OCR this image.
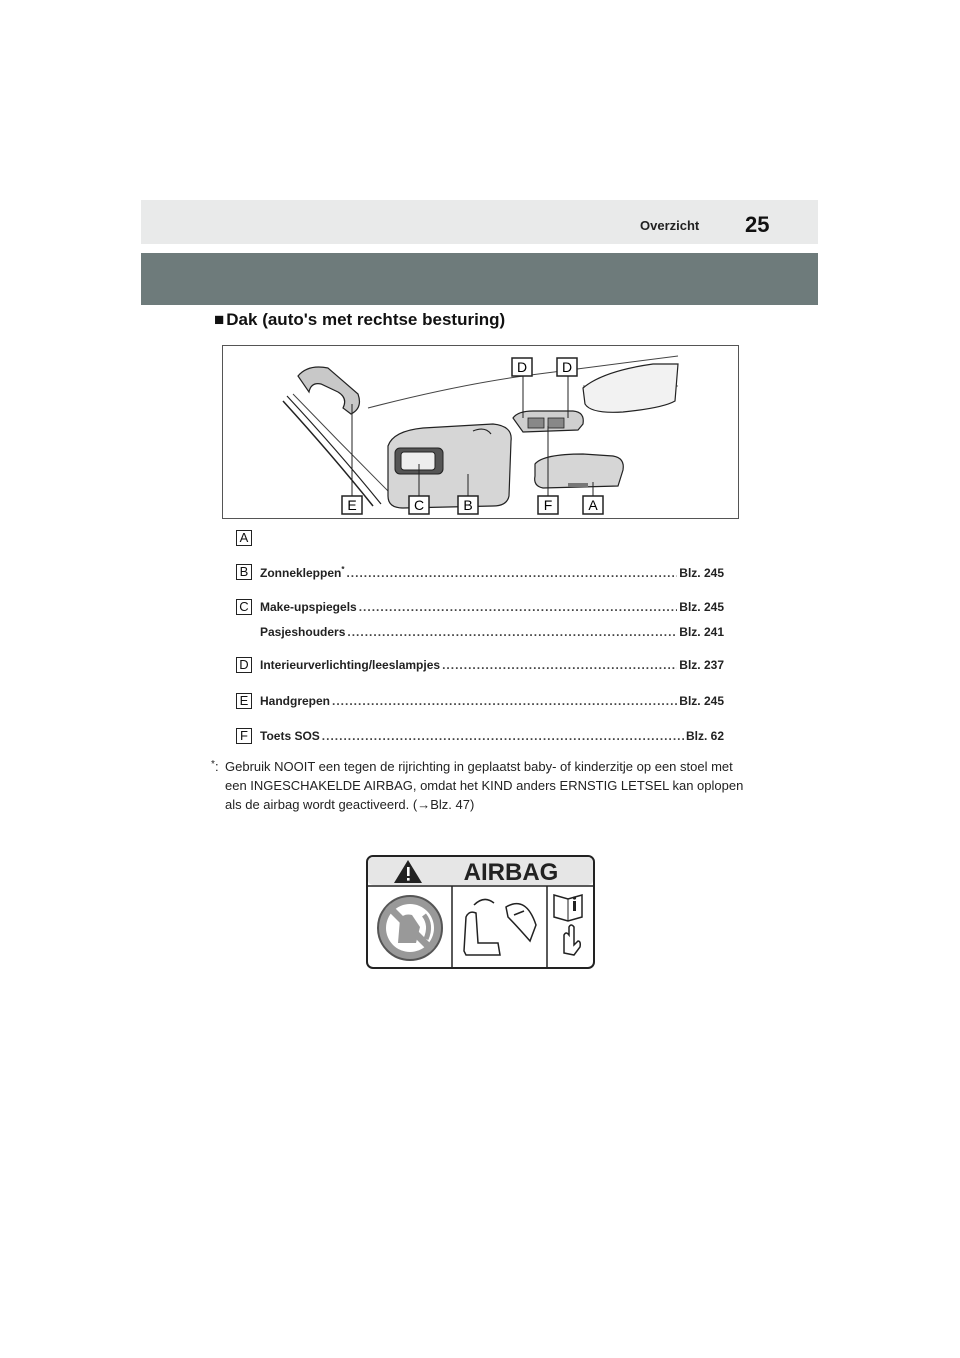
Overzicht 25
■ Dak (auto's met rechtse besturing)
D D
E	C	B	F	A
A
B Zonnekleppen* .....	Blz. 245
C Make-upspiegels .....	Blz. 245
Pasjeshouders .....	Blz. 241
D Interieurverlichting/leeslampjes .....	Blz. 237
E Handgrepen .....	Blz. 245
F	Toets SOS .....	Blz. 62
* : Gebruik NOOIT een tegen de rijrichting in geplaatst baby- of kinderzitje op een stoel met een INGESCHAKELDE AIRBAG, omdat het KIND anders ERNSTIG LETSEL kan oplopen als de airbag wordt geactiveerd. (→Blz. 47)
AIRBAG
